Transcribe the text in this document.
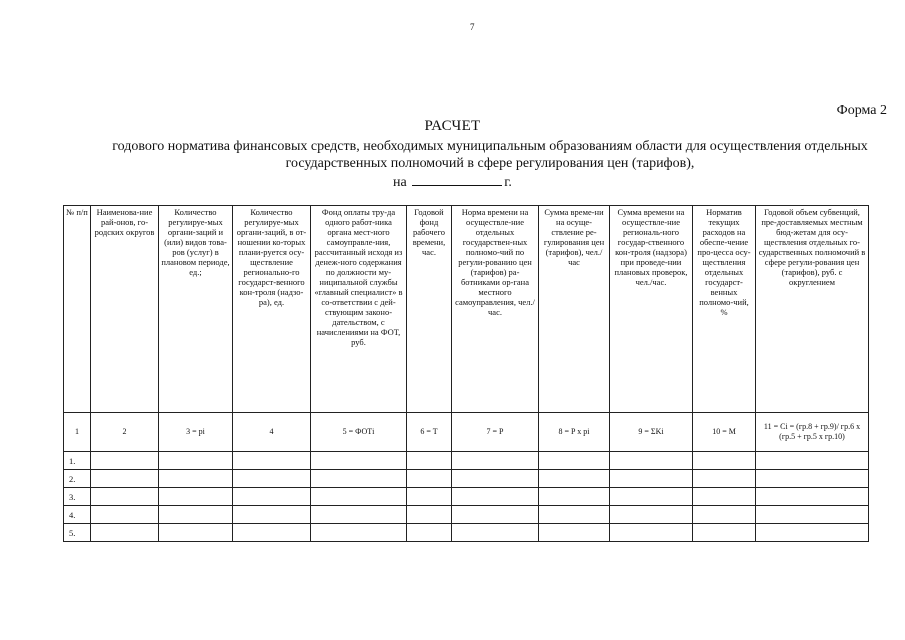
7
Форма 2
РАСЧЕТ
годового норматива финансовых средств, необходимых муниципальным образованиям области для осуществления отдельных государственных полномочий в сфере регулирования цен (тарифов),
на	г.
№ п/п	Наименова-ние рай-онов, го-родских округов	Количество регулируе-мых органи-заций и (или) видов това-ров (услуг) в плановом периоде, ед.;	Количество регулируе-мых органи-заций, в от-ношении ко-торых плани-руется осу-ществление регионально-го государст-венного кон-троля (надзо-ра), ед.	Фонд оплаты тру-да одного работ-ника органа мест-ного самоуправле-ния, рассчитанный исходя из денеж-ного содержания по должности му-ниципальной службы «главный специалист» в со-ответствии с дей-ствующим законо-дательством, с начислениями на ФОТ, руб.	Годовой фонд рабочего времени, час.	Норма времени на осуществле-ние отдельных государствен-ных полномо-чий по регули-рованию цен (тарифов) ра-ботниками ор-гана местного самоуправления, чел./час.	Сумма време-ни на осуще-ствление ре-гулирования цен (тарифов), чел./час	Сумма времени на осуществле-ние региональ-ного государ-ственного кон-троля (надзора) при проведе-нии плановых проверок, чел./час.	Норматив текущих расходов на обеспе-чение про-цесса осу-ществления отдельных государст-венных полномо-чий, %	Годовой объем субвенций, пре-доставляемых местным бюд-жетам для осу-ществления отдельных го-сударственных полномочий в сфере регули-рования цен (тарифов), руб. с округлением
1	2	3 = pi	4	5 = ФОТi	6 = T	7 = P	8 = P x pi	9 = ΣKi	10 = M	11 = Ci = (гр.8 + гр.9)/ гр.6 x (гр.5 + гр.5 x гр.10)
1.										
2.										
3.										
4.										
5.										
